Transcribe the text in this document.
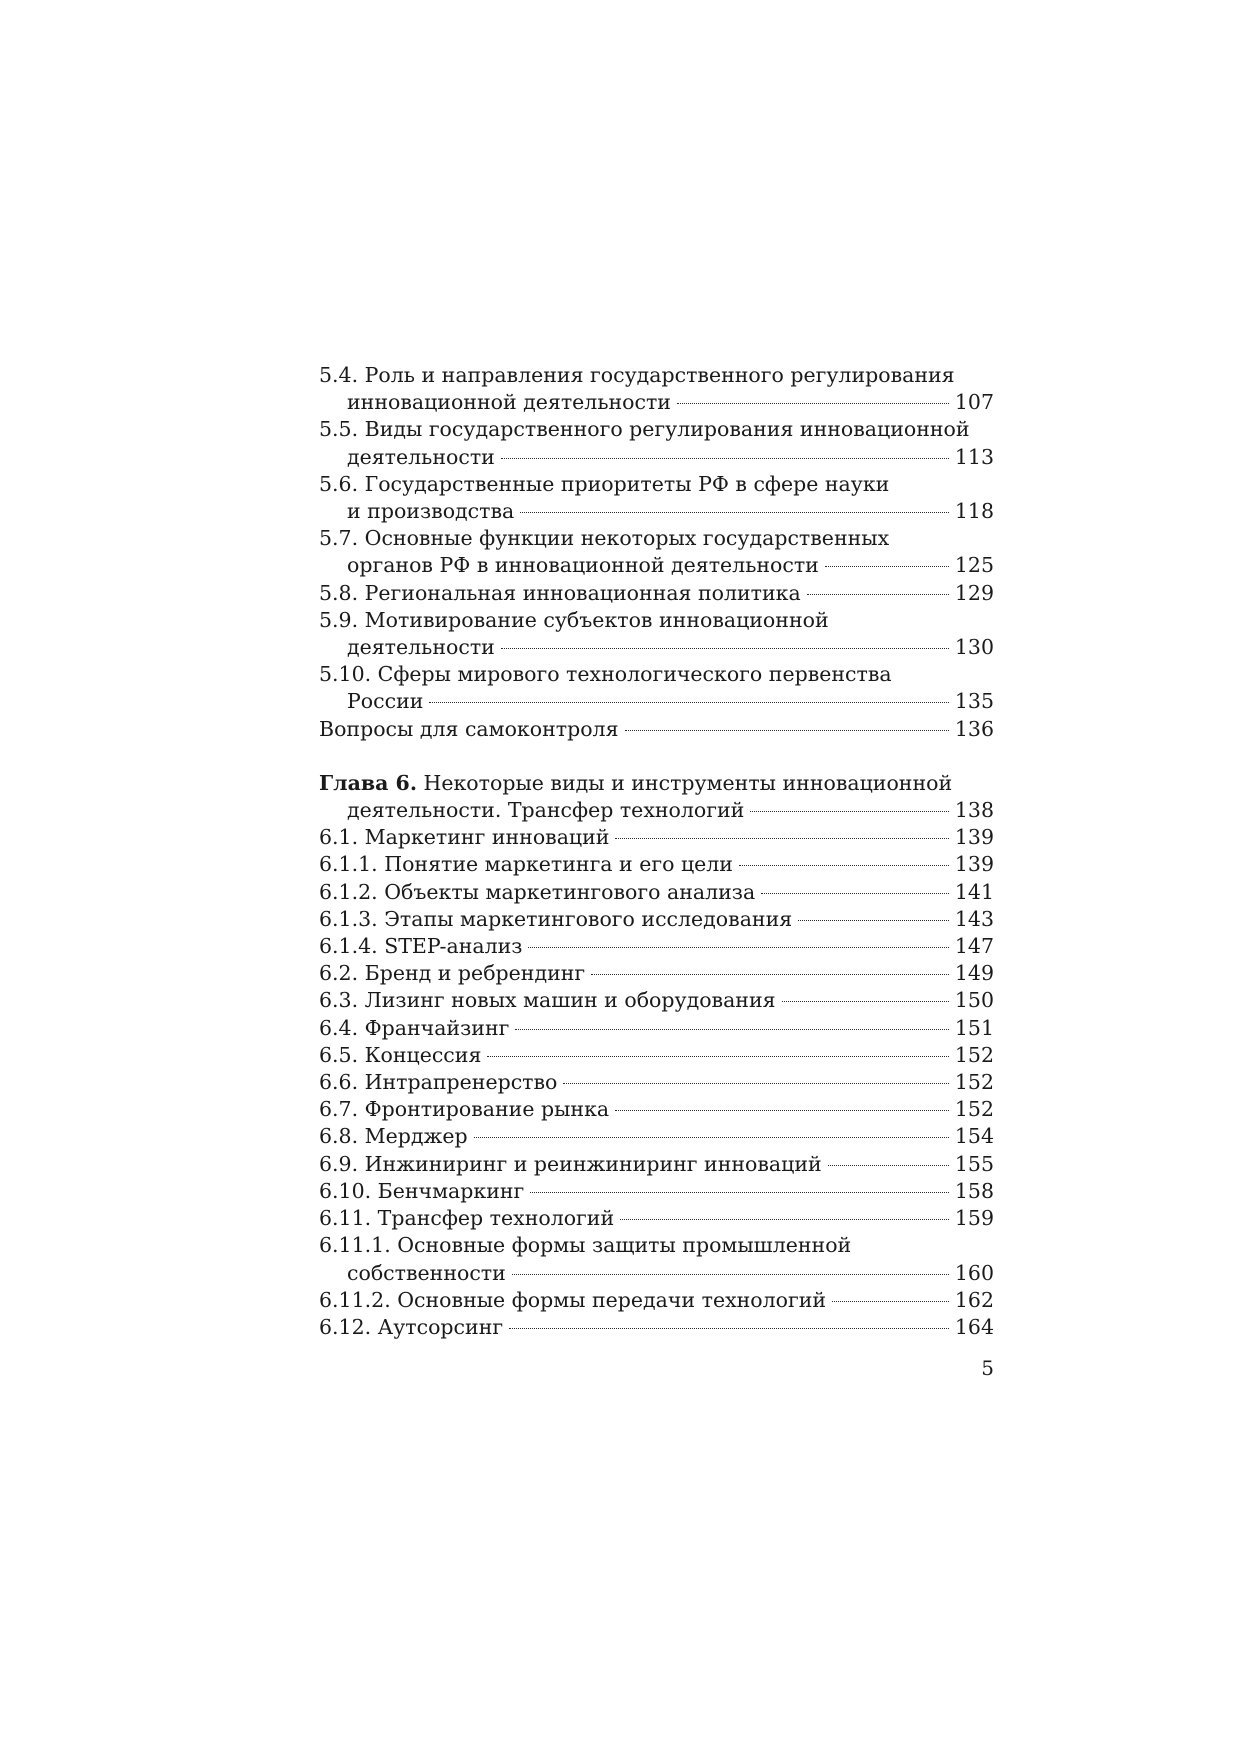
5.4. Роль и направления государственного регулирования
инновационной деятельности	107
5.5. Виды государственного регулирования инновационной
деятельности	113
5.6. Государственные приоритеты РФ в сфере науки
и производства	118
5.7. Основные функции некоторых государственных
органов РФ в инновационной деятельности	125
5.8. Региональная инновационная политика	129
5.9. Мотивирование субъектов инновационной
деятельности	130
5.10. Сферы мирового технологического первенства
России	135
Вопросы для самоконтроля	136
Глава 6. Некоторые виды и инструменты инновационной
деятельности. Трансфер технологий	138
6.1. Маркетинг инноваций	139
6.1.1. Понятие маркетинга и его цели	139
6.1.2. Объекты маркетингового анализа	141
6.1.3. Этапы маркетингового исследования	143
6.1.4. STEP-анализ	147
6.2. Бренд и ребрендинг	149
6.3. Лизинг новых машин и оборудования	150
6.4. Франчайзинг	151
6.5. Концессия	152
6.6. Интрапренерство	152
6.7. Фронтирование рынка	152
6.8. Мерджер	154
6.9. Инжиниринг и реинжиниринг инноваций	155
6.10. Бенчмаркинг	158
6.11. Трансфер технологий	159
6.11.1. Основные формы защиты промышленной
собственности	160
6.11.2. Основные формы передачи технологий	162
6.12. Аутсорсинг	164
5
